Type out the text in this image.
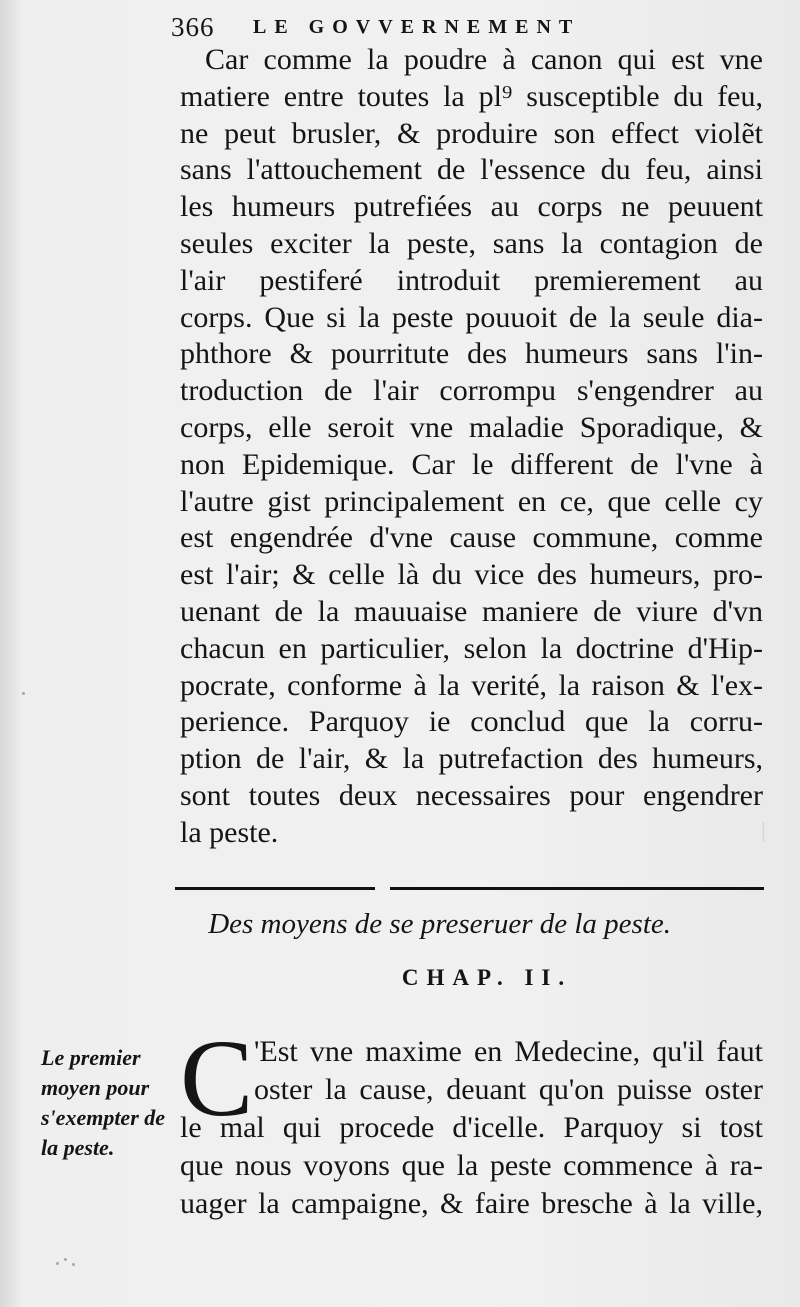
|
366	LE GOVVERNEMENT
Car comme la poudre à canon qui est vne
matiere entre toutes la pl⁹ susceptible du feu,
ne peut brusler, & produire son effect violẽt
sans l'attouchement de l'essence du feu, ainsi
les humeurs putrefiées au corps ne peuuent
seules exciter la peste, sans la contagion de
l'air pestiferé introduit premierement au
corps. Que si la peste pouuoit de la seule dia-
phthore & pourritute des humeurs sans l'in-
troduction de l'air corrompu s'engendrer au
corps, elle seroit vne maladie Sporadique, &
non Epidemique. Car le different de l'vne à
l'autre gist principalement en ce, que celle cy
est engendrée d'vne cause commune, comme
est l'air; & celle là du vice des humeurs, pro-
uenant de la mauuaise maniere de viure d'vn
chacun en particulier, selon la doctrine d'Hip-
pocrate, conforme à la verité, la raison & l'ex-
perience. Parquoy ie conclud que la corru-
ption de l'air, & la putrefaction des humeurs,
sont toutes deux necessaires pour engendrer
la peste.
Des moyens de se preseruer de la peste.
CHAP. II.
Le premier
moyen pour
s'exempter de
la peste.
C 'Est vne maxime en Medecine, qu'il faut
oster la cause, deuant qu'on puisse oster
le mal qui procede d'icelle. Parquoy si tost
que nous voyons que la peste commence à ra-
uager la campaigne, & faire bresche à la ville,
